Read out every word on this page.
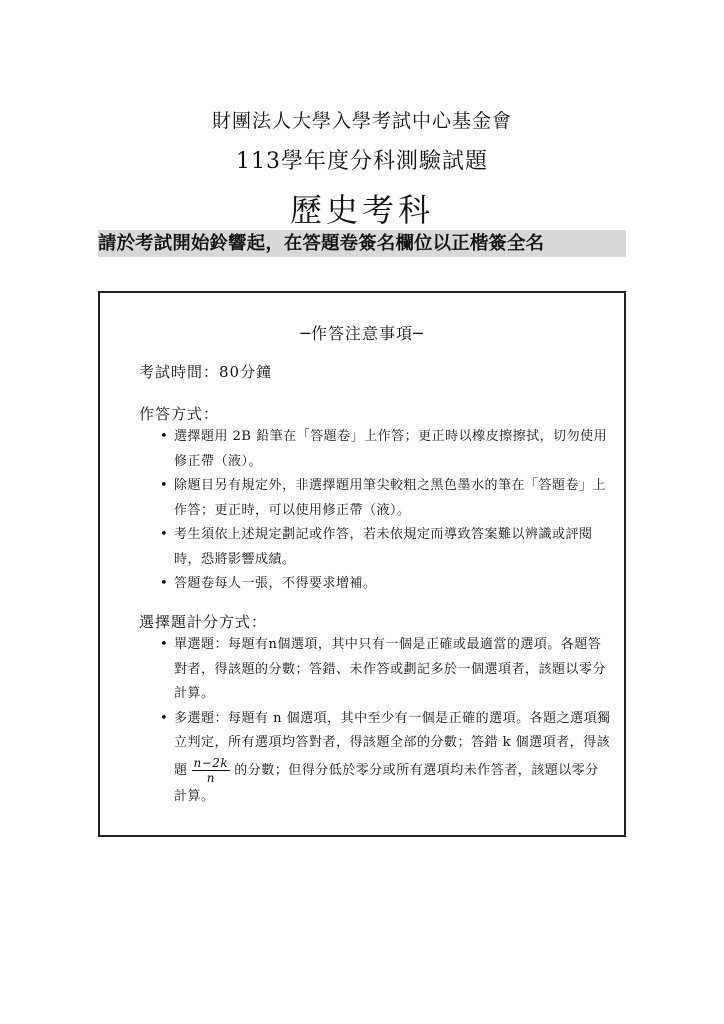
財團法人大學入學考試中心基金會
113學年度分科測驗試題
歷史考科
請於考試開始鈴響起，在答題卷簽名欄位以正楷簽全名
─作答注意事項─
考試時間：80分鐘
作答方式：
• 選擇題用 2B 鉛筆在「答題卷」上作答；更正時以橡皮擦擦拭，切勿使用修正帶（液）。
• 除題目另有規定外，非選擇題用筆尖較粗之黑色墨水的筆在「答題卷」上作答；更正時，可以使用修正帶（液）。
• 考生須依上述規定劃記或作答，若未依規定而導致答案難以辨識或評閱時，恐將影響成績。
• 答題卷每人一張，不得要求增補。
選擇題計分方式：
• 單選題：每題有n個選項，其中只有一個是正確或最適當的選項。各題答對者，得該題的分數；答錯、未作答或劃記多於一個選項者，該題以零分計算。
• 多選題：每題有 n 個選項，其中至少有一個是正確的選項。各題之選項獨立判定，所有選項均答對者，得該題全部的分數；答錯 k 個選項者，得該題 $\frac{n-2k}{n}$ 的分數；但得分低於零分或所有選項均未作答者，該題以零分計算。
